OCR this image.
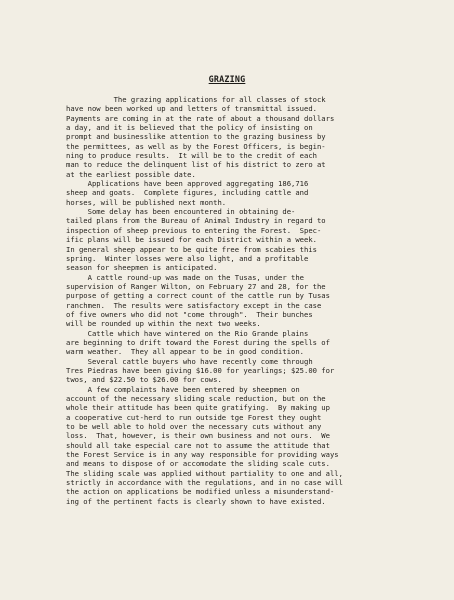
GRAZING
The grazing applications for all classes of stock
have now been worked up and letters of transmittal issued.
Payments are coming in at the rate of about a thousand dollars
a day, and it is believed that the policy of insisting on
prompt and businesslike attention to the grazing business by
the permittees, as well as by the Forest Officers, is begin-
ning to produce results.  It will be to the credit of each
man to reduce the delinquent list of his district to zero at
at the earliest possible date.
Applications have been approved aggregating 186,716
sheep and goats.  Complete figures, including cattle and
horses, will be published next month.
Some delay has been encountered in obtaining de-
tailed plans from the Bureau of Animal Industry in regard to
inspection of sheep previous to entering the Forest.  Spec-
ific plans will be issued for each District within a week.
In general sheep appear to be quite free from scabies this
spring.  Winter losses were also light, and a profitable
season for sheepmen is anticipated.
A cattle round-up was made on the Tusas, under the
supervision of Ranger Wilton, on February 27 and 28, for the
purpose of getting a correct count of the cattle run by Tusas
ranchmen.  The results were satisfactory except in the case
of five owners who did not "come through".  Their bunches
will be rounded up within the next two weeks.
Cattle which have wintered on the Rio Grande plains
are beginning to drift toward the Forest during the spells of
warm weather.  They all appear to be in good condition.
Several cattle buyers who have recently come through
Tres Piedras have been giving $16.00 for yearlings; $25.00 for
twos, and $22.50 to $26.00 for cows.
A few complaints have been entered by sheepmen on
account of the necessary sliding scale reduction, but on the
whole their attitude has been quite gratifying.  By making up
a cooperative cut-herd to run outside tge Forest they ought
to be well able to hold over the necessary cuts without any
loss.  That, however, is their own business and not ours.  We
should all take especial care not to assume the attitude that
the Forest Service is in any way responsible for providing ways
and means to dispose of or accomodate the sliding scale cuts.
The sliding scale was applied without partiality to one and all,
strictly in accordance with the regulations, and in no case will
the action on applications be modified unless a misunderstand-
ing of the pertinent facts is clearly shown to have existed.
